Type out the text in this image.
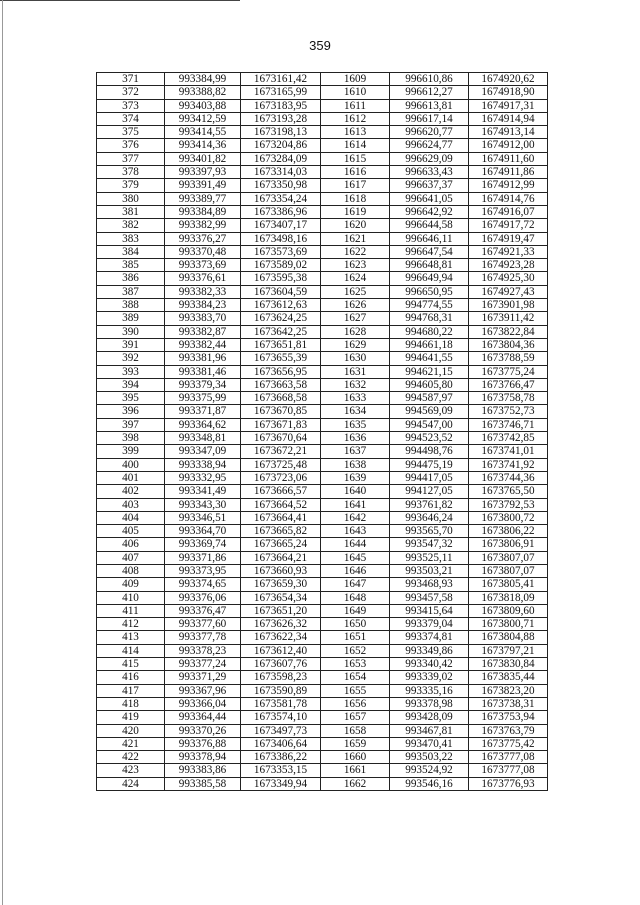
359
371	993384,99	1673161,42	1609	996610,86	1674920,62
372	993388,82	1673165,99	1610	996612,27	1674918,90
373	993403,88	1673183,95	1611	996613,81	1674917,31
374	993412,59	1673193,28	1612	996617,14	1674914,94
375	993414,55	1673198,13	1613	996620,77	1674913,14
376	993414,36	1673204,86	1614	996624,77	1674912,00
377	993401,82	1673284,09	1615	996629,09	1674911,60
378	993397,93	1673314,03	1616	996633,43	1674911,86
379	993391,49	1673350,98	1617	996637,37	1674912,99
380	993389,77	1673354,24	1618	996641,05	1674914,76
381	993384,89	1673386,96	1619	996642,92	1674916,07
382	993382,99	1673407,17	1620	996644,58	1674917,72
383	993376,27	1673498,16	1621	996646,11	1674919,47
384	993370,48	1673573,69	1622	996647,54	1674921,33
385	993373,69	1673589,02	1623	996648,81	1674923,28
386	993376,61	1673595,38	1624	996649,94	1674925,30
387	993382,33	1673604,59	1625	996650,95	1674927,43
388	993384,23	1673612,63	1626	994774,55	1673901,98
389	993383,70	1673624,25	1627	994768,31	1673911,42
390	993382,87	1673642,25	1628	994680,22	1673822,84
391	993382,44	1673651,81	1629	994661,18	1673804,36
392	993381,96	1673655,39	1630	994641,55	1673788,59
393	993381,46	1673656,95	1631	994621,15	1673775,24
394	993379,34	1673663,58	1632	994605,80	1673766,47
395	993375,99	1673668,58	1633	994587,97	1673758,78
396	993371,87	1673670,85	1634	994569,09	1673752,73
397	993364,62	1673671,83	1635	994547,00	1673746,71
398	993348,81	1673670,64	1636	994523,52	1673742,85
399	993347,09	1673672,21	1637	994498,76	1673741,01
400	993338,94	1673725,48	1638	994475,19	1673741,92
401	993332,95	1673723,06	1639	994417,05	1673744,36
402	993341,49	1673666,57	1640	994127,05	1673765,50
403	993343,30	1673664,52	1641	993761,82	1673792,53
404	993346,51	1673664,41	1642	993646,24	1673800,72
405	993364,70	1673665,82	1643	993565,70	1673806,22
406	993369,74	1673665,24	1644	993547,32	1673806,91
407	993371,86	1673664,21	1645	993525,11	1673807,07
408	993373,95	1673660,93	1646	993503,21	1673807,07
409	993374,65	1673659,30	1647	993468,93	1673805,41
410	993376,06	1673654,34	1648	993457,58	1673818,09
411	993376,47	1673651,20	1649	993415,64	1673809,60
412	993377,60	1673626,32	1650	993379,04	1673800,71
413	993377,78	1673622,34	1651	993374,81	1673804,88
414	993378,23	1673612,40	1652	993349,86	1673797,21
415	993377,24	1673607,76	1653	993340,42	1673830,84
416	993371,29	1673598,23	1654	993339,02	1673835,44
417	993367,96	1673590,89	1655	993335,16	1673823,20
418	993366,04	1673581,78	1656	993378,98	1673738,31
419	993364,44	1673574,10	1657	993428,09	1673753,94
420	993370,26	1673497,73	1658	993467,81	1673763,79
421	993376,88	1673406,64	1659	993470,41	1673775,42
422	993378,94	1673386,22	1660	993503,22	1673777,08
423	993383,86	1673353,15	1661	993524,92	1673777,08
424	993385,58	1673349,94	1662	993546,16	1673776,93
